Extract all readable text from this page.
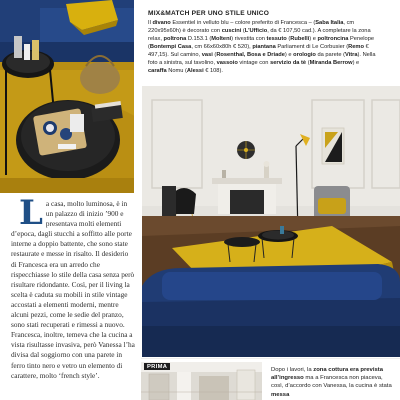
La casa, molto luminosa, è in un palazzo di inizio ’900 e presentava molti elementi d’epoca, dagli stucchi a soffitto alle porte interne a doppio battente, che sono state restaurate e messe in risalto. Il desiderio di Francesca era un arredo che rispecchiasse lo stile della casa senza però risultare ridondante. Così, per il living la scelta è caduta su mobili in stile vintage accostati a elementi moderni, mentre alcuni pezzi, come le sedie del pranzo, sono stati recuperati e rimessi a nuovo. Francesca, inoltre, temeva che la cucina a vista risultasse invasiva, però Vanessa l’ha divisa dal soggiorno con una parete in ferro tinto nero e vetro un elemento di carattere, molto ‘french style’.

MIX&MATCH PER UNO STILE UNICO
Il divano Essentiel in velluto blu – colore preferito di Francesca – (Saba Italia, cm 220x95x60h) è decorato con cuscini (L’Ufficio, da € 107,50 cad.). A completare la zona relax, poltrona D.153.1 (Molteni) rivestita con tessuto (Rubelli) e poltroncina Penelope (Bontempi Casa, cm 66x60x80h € 520), piantana Parliament di Le Corbusier (Remo € 497,15). Sul camino, vasi (Rosenthal, Bosa e Driade) e orologio da parete (Vitra). Nella foto a sinistra, sul tavolino, vassoio vintage con servizio da tè (Miranda Berrow) e caraffa Nomu (Alessi € 108).
PRIMA
Dopo i lavori, la zona cottura era prevista all’ingresso ma a Francesca non piaceva, così, d’accordo con Vanessa, la cucina è stata messa
